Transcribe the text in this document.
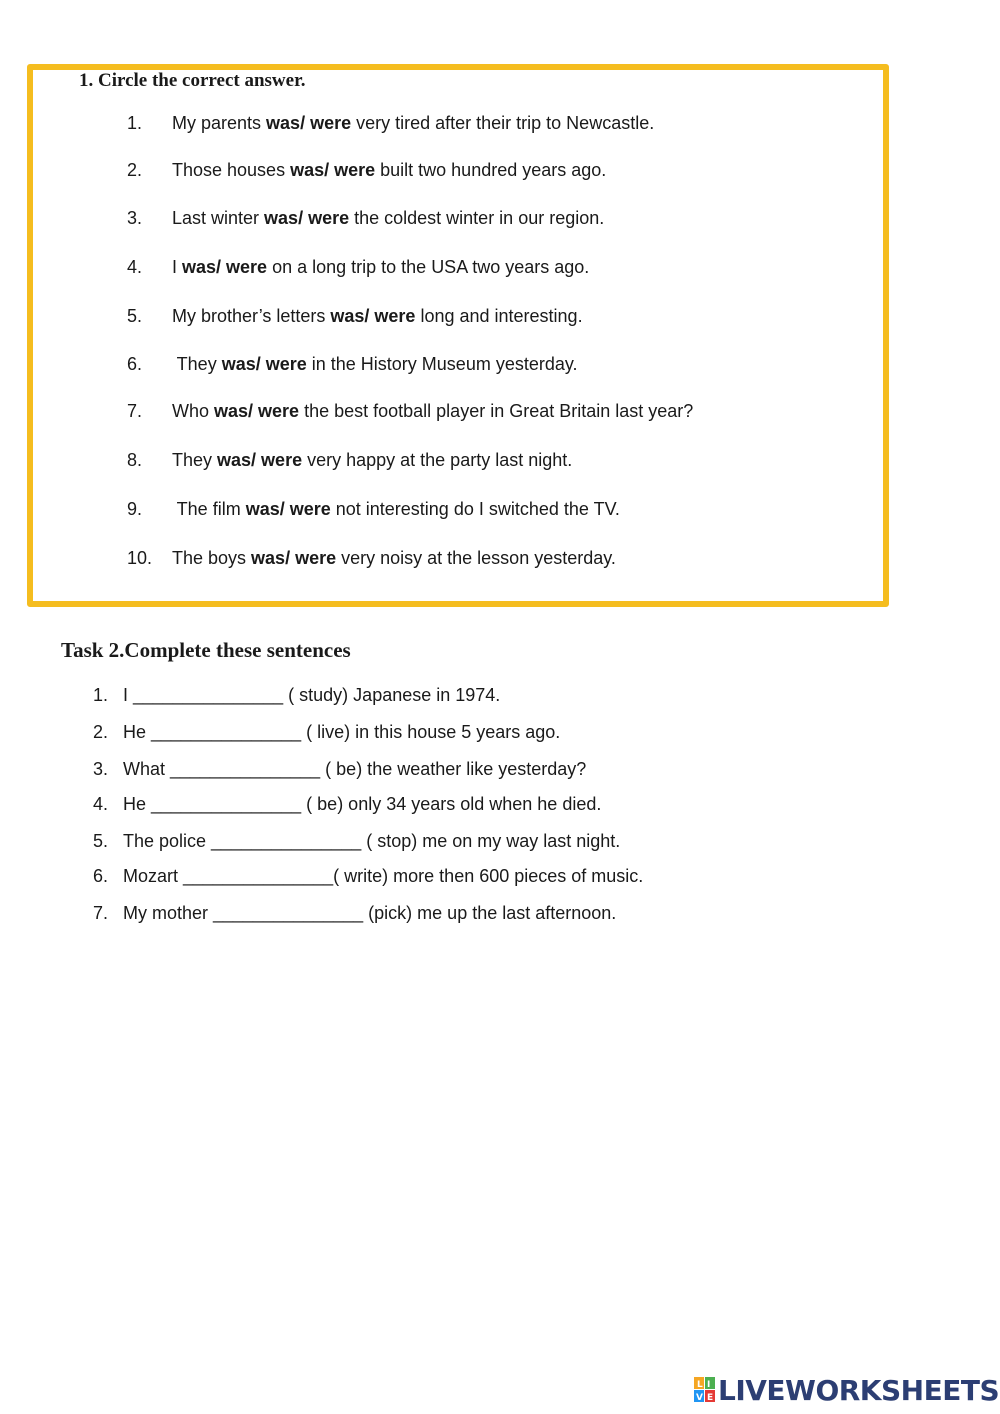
1. Circle the correct answer.
1. My parents was/ were very tired after their trip to Newcastle.
2. Those houses was/ were built two hundred years ago.
3. Last winter was/ were the coldest winter in our region.
4. I was/ were on a long trip to the USA two years ago.
5. My brother’s letters was/ were long and interesting.
6. They was/ were in the History Museum yesterday.
7. Who was/ were the best football player in Great Britain last year?
8. They was/ were very happy at the party last night.
9. The film was/ were not interesting do I switched the TV.
10. The boys was/ were very noisy at the lesson yesterday.
Task 2.Complete these sentences
1. I _______________ ( study) Japanese in 1974.
2. He _______________ ( live) in this house 5 years ago.
3. What _______________ ( be) the weather like yesterday?
4. He _______________ ( be) only 34 years old when he died.
5. The police _______________ ( stop) me on my way last night.
6. Mozart _______________( write) more then 600 pieces of music.
7. My mother _______________ (pick) me up the last afternoon.
L I
V E LIVEWORKSHEETS
